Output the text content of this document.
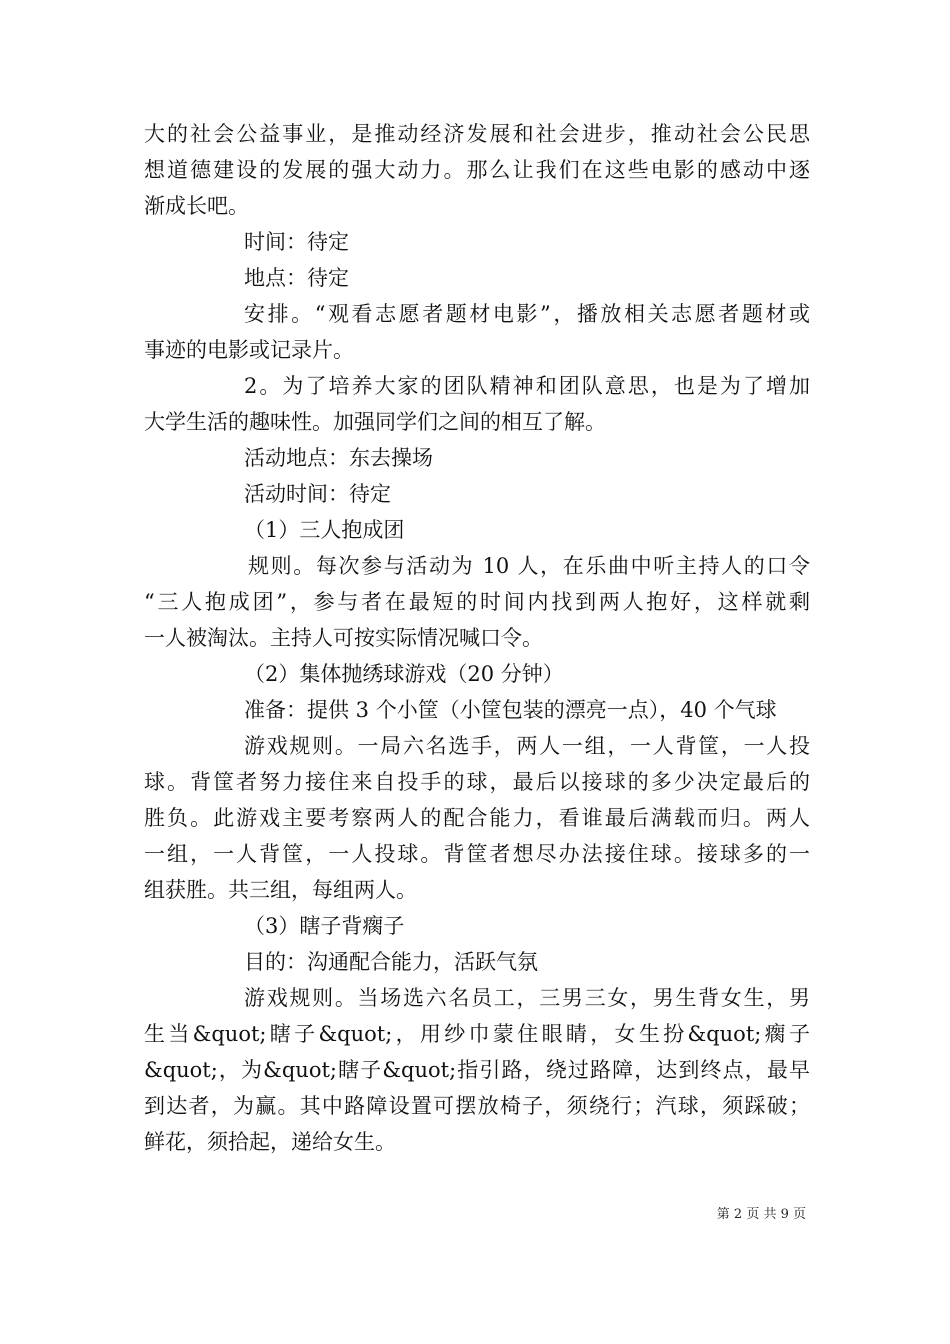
大的社会公益事业，是推动经济发展和社会进步，推动社会公民思
想道德建设的发展的强大动力。那么让我们在这些电影的感动中逐
渐成长吧。
时间：待定
地点：待定
安排。“观看志愿者题材电影”，播放相关志愿者题材或
事迹的电影或记录片。
2。为了培养大家的团队精神和团队意思，也是为了增加
大学生活的趣味性。加强同学们之间的相互了解。
活动地点：东去操场
活动时间：待定
（1）三人抱成团
规则。每次参与活动为 10 人，在乐曲中听主持人的口令
“三人抱成团”，参与者在最短的时间内找到两人抱好，这样就剩
一人被淘汰。主持人可按实际情况喊口令。
（2）集体抛绣球游戏（20 分钟）
准备：提供 3 个小筐（小筐包装的漂亮一点），40 个气球
游戏规则。一局六名选手，两人一组，一人背筐，一人投
球。背筐者努力接住来自投手的球，最后以接球的多少决定最后的
胜负。此游戏主要考察两人的配合能力，看谁最后满载而归。两人
一组，一人背筐，一人投球。背筐者想尽办法接住球。接球多的一
组获胜。共三组，每组两人。
（3）瞎子背瘸子
目的：沟通配合能力，活跃气氛
游戏规则。当场选六名员工，三男三女，男生背女生，男
生当&quot;瞎子&quot;，用纱巾蒙住眼睛，女生扮&quot;瘸子
&quot;，为&quot;瞎子&quot;指引路，绕过路障，达到终点，最早
到达者，为赢。其中路障设置可摆放椅子，须绕行；汽球，须踩破；
鲜花，须拾起，递给女生。
第 2 页 共 9 页
